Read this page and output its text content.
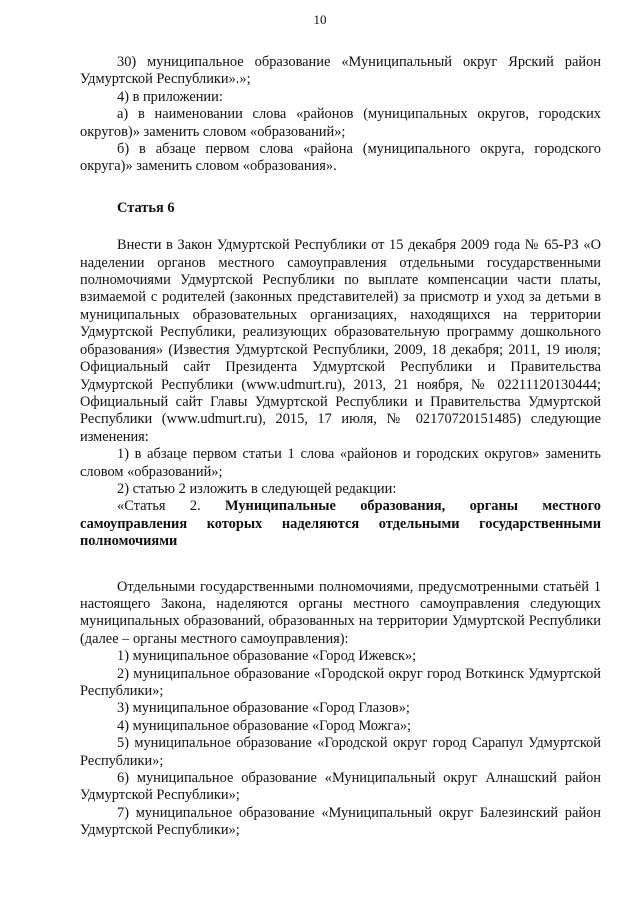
10

30) муниципальное образование «Муниципальный округ Ярский район Удмуртской Республики».»;

4) в приложении:

а) в наименовании слова «районов (муниципальных округов, городских округов)» заменить словом «образований»;

б) в абзаце первом слова «района (муниципального округа, городского округа)» заменить словом «образования».

Статья 6

Внести в Закон Удмуртской Республики от 15 декабря 2009 года № 65-РЗ «О наделении органов местного самоуправления отдельными государственными полномочиями Удмуртской Республики по выплате компенсации части платы, взимаемой с родителей (законных представителей) за присмотр и уход за детьми в муниципальных образовательных организациях, находящихся на территории Удмуртской Республики, реализующих образовательную программу дошкольного образования» (Известия Удмуртской Республики, 2009, 18 декабря; 2011, 19 июля; Официальный сайт Президента Удмуртской Республики и Правительства Удмуртской Республики (www.udmurt.ru), 2013, 21 ноября, № 02211120130444; Официальный сайт Главы Удмуртской Республики и Правительства Удмуртской Республики (www.udmurt.ru), 2015, 17 июля, № 02170720151485) следующие изменения:

1) в абзаце первом статьи 1 слова «районов и городских округов» заменить словом «образований»;

2) статью 2 изложить в следующей редакции:

«Статья 2. Муниципальные образования, органы местного самоуправления которых наделяются отдельными государственными полномочиями

Отдельными государственными полномочиями, предусмотренными статьёй 1 настоящего Закона, наделяются органы местного самоуправления следующих муниципальных образований, образованных на территории Удмуртской Республики (далее – органы местного самоуправления):

1) муниципальное образование «Город Ижевск»;

2) муниципальное образование «Городской округ город Воткинск Удмуртской Республики»;

3) муниципальное образование «Город Глазов»;

4) муниципальное образование «Город Можга»;

5) муниципальное образование «Городской округ город Сарапул Удмуртской Республики»;

6) муниципальное образование «Муниципальный округ Алнашский район Удмуртской Республики»;

7) муниципальное образование «Муниципальный округ Балезинский район Удмуртской Республики»;
